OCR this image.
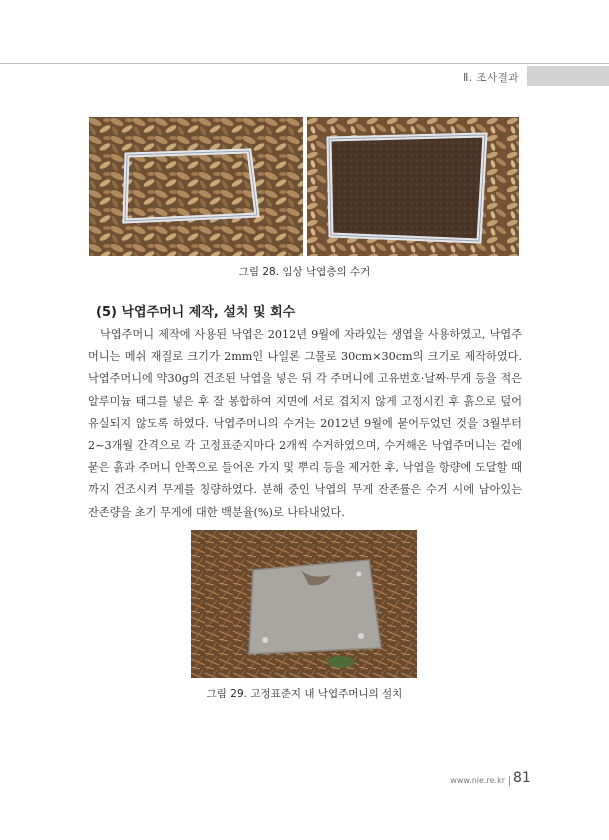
Ⅱ. 조사결과
그림 28. 임상 낙엽층의 수거
(5) 낙엽주머니 제작, 설치 및 회수

낙엽주머니 제작에 사용된 낙엽은 2012년 9월에 자라있는 생엽을 사용하였고, 낙엽주머니는 메쉬 재질로 크기가 2mm인 나일론 그물로 30cm×30cm의 크기로 제작하였다. 낙엽주머니에 약30g의 건조된 낙엽을 넣은 뒤 각 주머니에 고유번호·날짜·무게 등을 적은 알루미늄 태그를 넣은 후 잘 봉합하여 지면에 서로 겹치지 않게 고정시킨 후 흙으로 덮어 유실되지 않도록 하였다. 낙엽주머니의 수거는 2012년 9월에 묻어두었던 것을 3월부터 2~3개월 간격으로 각 고정표준지마다 2개씩 수거하였으며, 수거해온 낙엽주머니는 겉에 묻은 흙과 주머니 안쪽으로 들어온 가지 및 뿌리 등을 제거한 후, 낙엽을 항량에 도달할 때까지 건조시켜 무게를 칭량하였다. 분해 중인 낙엽의 무게 잔존률은 수거 시에 남아있는 잔존량을 초기 무게에 대한 백분율(%)로 나타내었다.

그림 29. 고정표준지 내 낙엽주머니의 설치
www.nie.re.kr 81
